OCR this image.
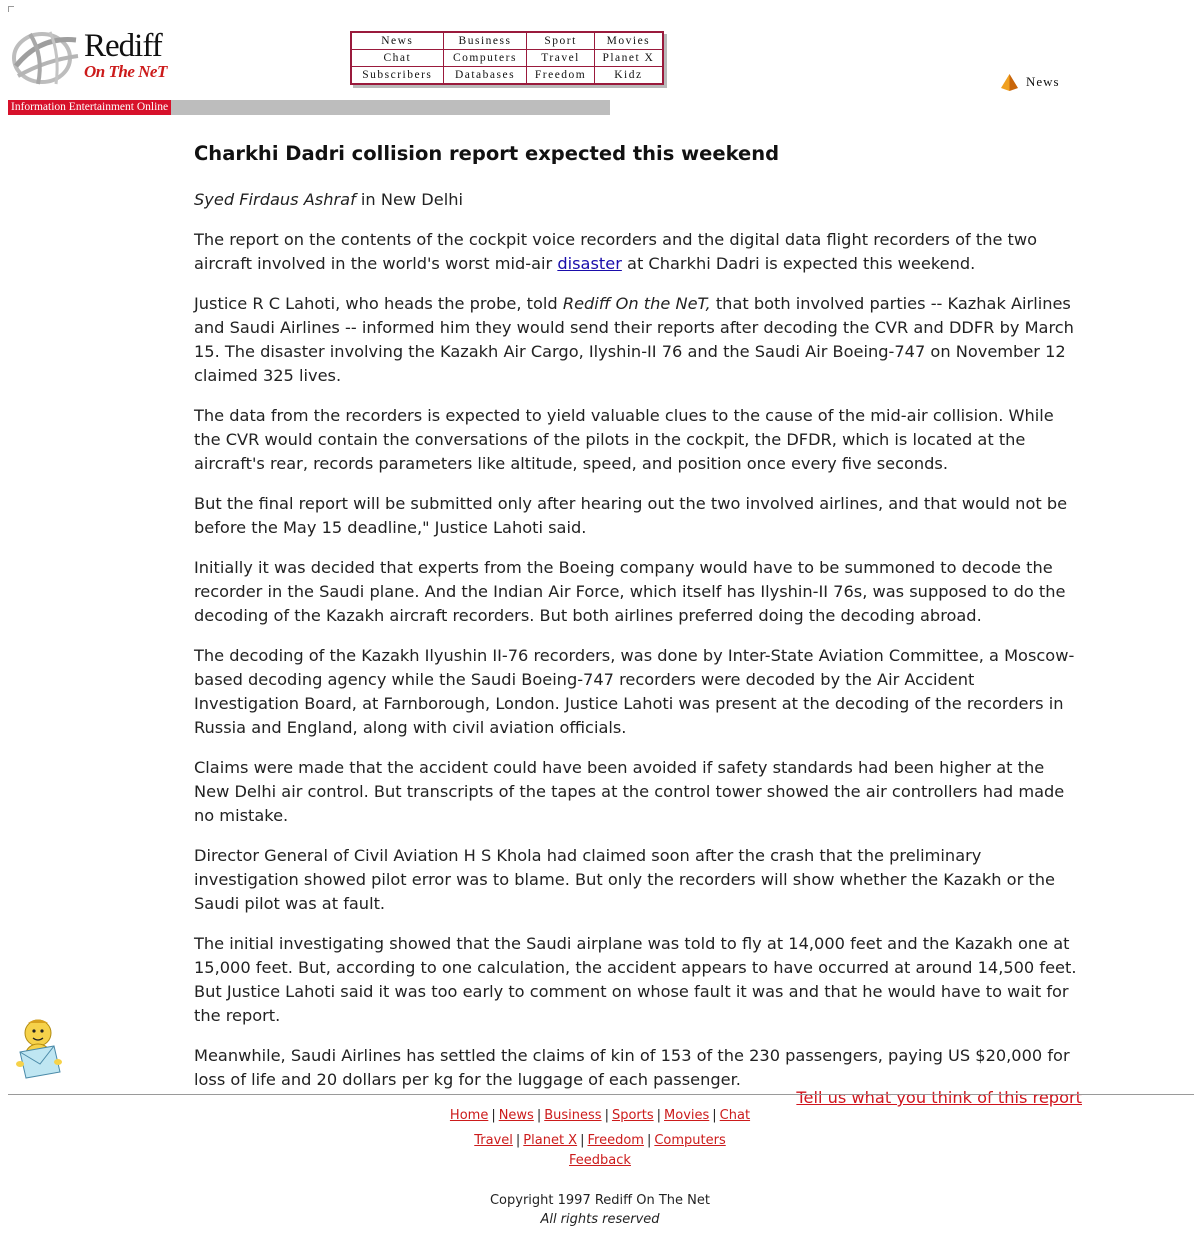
Rediff
On The NeT
News	Business	Sport	Movies
Chat	Computers	Travel	Planet X
Subscribers	Databases	Freedom	Kidz
Information Entertainment Online
News
Charkhi Dadri collision report expected this weekend

Syed Firdaus Ashraf in New Delhi

The report on the contents of the cockpit voice recorders and the digital data flight recorders of the two aircraft involved in the world's worst mid-air disaster at Charkhi Dadri is expected this weekend.

Justice R C Lahoti, who heads the probe, told Rediff On the NeT, that both involved parties -- Kazhak Airlines and Saudi Airlines -- informed him they would send their reports after decoding the CVR and DDFR by March 15. The disaster involving the Kazakh Air Cargo, Ilyshin-II 76 and the Saudi Air Boeing-747 on November 12 claimed 325 lives.

The data from the recorders is expected to yield valuable clues to the cause of the mid-air collision. While the CVR would contain the conversations of the pilots in the cockpit, the DFDR, which is located at the aircraft's rear, records parameters like altitude, speed, and position once every five seconds.

But the final report will be submitted only after hearing out the two involved airlines, and that would not be before the May 15 deadline," Justice Lahoti said.

Initially it was decided that experts from the Boeing company would have to be summoned to decode the recorder in the Saudi plane. And the Indian Air Force, which itself has Ilyshin-II 76s, was supposed to do the decoding of the Kazakh aircraft recorders. But both airlines preferred doing the decoding abroad.

The decoding of the Kazakh Ilyushin II-76 recorders, was done by Inter-State Aviation Committee, a Moscow-based decoding agency while the Saudi Boeing-747 recorders were decoded by the Air Accident Investigation Board, at Farnborough, London. Justice Lahoti was present at the decoding of the recorders in Russia and England, along with civil aviation officials.

Claims were made that the accident could have been avoided if safety standards had been higher at the New Delhi air control. But transcripts of the tapes at the control tower showed the air controllers had made no mistake.

Director General of Civil Aviation H S Khola had claimed soon after the crash that the preliminary investigation showed pilot error was to blame. But only the recorders will show whether the Kazakh or the Saudi pilot was at fault.

The initial investigating showed that the Saudi airplane was told to fly at 14,000 feet and the Kazakh one at 15,000 feet. But, according to one calculation, the accident appears to have occurred at around 14,500 feet. But Justice Lahoti said it was too early to comment on whose fault it was and that he would have to wait for the report.

Meanwhile, Saudi Airlines has settled the claims of kin of 153 of the 230 passengers, paying US $20,000 for loss of life and 20 dollars per kg for the luggage of each passenger.

Tell us what you think of this report
Home | News | Business | Sports | Movies | Chat
Travel | Planet X | Freedom | Computers
Feedback
Copyright 1997 Rediff On The Net
All rights reserved
